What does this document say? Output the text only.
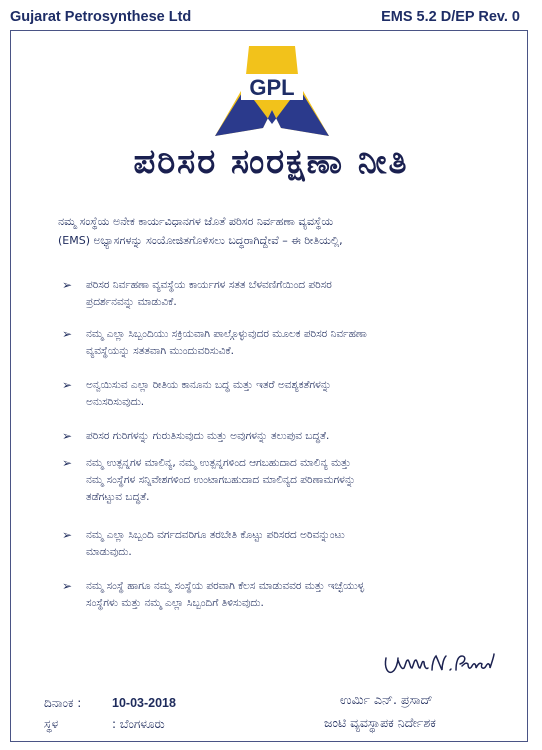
Gujarat Petrosynthese Ltd	EMS 5.2 D/EP Rev. 0
GPL
ಪರಿಸರ ಸಂರಕ್ಷಣಾ ನೀತಿ
ನಮ್ಮ ಸಂಸ್ಥೆಯ ಅನೇಕ ಕಾರ್ಯವಿಧಾನಗಳ ಜೊತೆ ಪರಿಸರ ನಿರ್ವಹಣಾ ವ್ಯವಸ್ಥೆಯ
(EMS) ಅಭ್ಯಾಸಗಳನ್ನು ಸಂಯೋಜಿತಗೊಳಿಸಲು ಬದ್ಧರಾಗಿದ್ದೇವೆ – ಈ ರೀತಿಯಲ್ಲಿ,
➢	ಪರಿಸರ ನಿರ್ವಹಣಾ ವ್ಯವಸ್ಥೆಯ ಕಾರ್ಯಗಳ ಸತತ ಬೆಳವಣಿಗೆಯಿಂದ ಪರಿಸರ
ಪ್ರದರ್ಶನವನ್ನು ಮಾಡುವಿಕೆ.
➢	ನಮ್ಮ ಎಲ್ಲಾ ಸಿಬ್ಬಂದಿಯು ಸಕ್ರಿಯವಾಗಿ ಪಾಲ್ಗೊಳ್ಳುವುದರ ಮೂಲಕ ಪರಿಸರ ನಿರ್ವಹಣಾ
ವ್ಯವಸ್ಥೆಯನ್ನು ಸತತವಾಗಿ ಮುಂದುವರಿಸುವಿಕೆ.
➢	ಅನ್ವಯಿಸುವ ಎಲ್ಲಾ ರೀತಿಯ ಕಾನೂನು ಬದ್ಧ ಮತ್ತು ಇತರೆ ಅವಶ್ಯಕತೆಗಳನ್ನು
ಅನುಸರಿಸುವುದು.
➢	ಪರಿಸರ ಗುರಿಗಳನ್ನು ಗುರುತಿಸುವುದು ಮತ್ತು ಅವುಗಳನ್ನು ತಲುಪುವ ಬದ್ಧತೆ.
➢	ನಮ್ಮ ಉತ್ಪನ್ನಗಳ ಮಾಲಿನ್ಯ, ನಮ್ಮ ಉತ್ಪನ್ನಗಳಿಂದ ಆಗಬಹುದಾದ ಮಾಲಿನ್ಯ ಮತ್ತು
ನಮ್ಮ ಸಂಸ್ಥೆಗಳ ಸನ್ನಿವೇಶಗಳಿಂದ ಉಂಟಾಗಬಹುದಾದ ಮಾಲಿನ್ಯದ ಪರಿಣಾಮಗಳನ್ನು
ತಡೆಗಟ್ಟುವ ಬದ್ಧತೆ.
➢	ನಮ್ಮ ಎಲ್ಲಾ ಸಿಬ್ಬಂದಿ ವರ್ಗದವರಿಗೂ ತರಬೇತಿ ಕೊಟ್ಟು ಪರಿಸರದ ಅರಿವನ್ನುಂಟು
ಮಾಡುವುದು.
➢	ನಮ್ಮ ಸಂಸ್ಥೆ ಹಾಗೂ ನಮ್ಮ ಸಂಸ್ಥೆಯ ಪರವಾಗಿ ಕೆಲಸ ಮಾಡುವವರ ಮತ್ತು ಇಚ್ಛೆಯುಳ್ಳ
ಸಂಸ್ಥೆಗಳು ಮತ್ತು ನಮ್ಮ ಎಲ್ಲಾ ಸಿಬ್ಬಂದಿಗೆ ತಿಳಿಸುವುದು.
ದಿನಾಂಕ : 10-03-2018
ಸ್ಥಳ	: ಬೆಂಗಳೂರು
ಉರ್ಮಿ ಎನ್. ಪ್ರಸಾದ್
ಜಂಟಿ ವ್ಯವಸ್ಥಾಪಕ ನಿರ್ದೇಶಕ
